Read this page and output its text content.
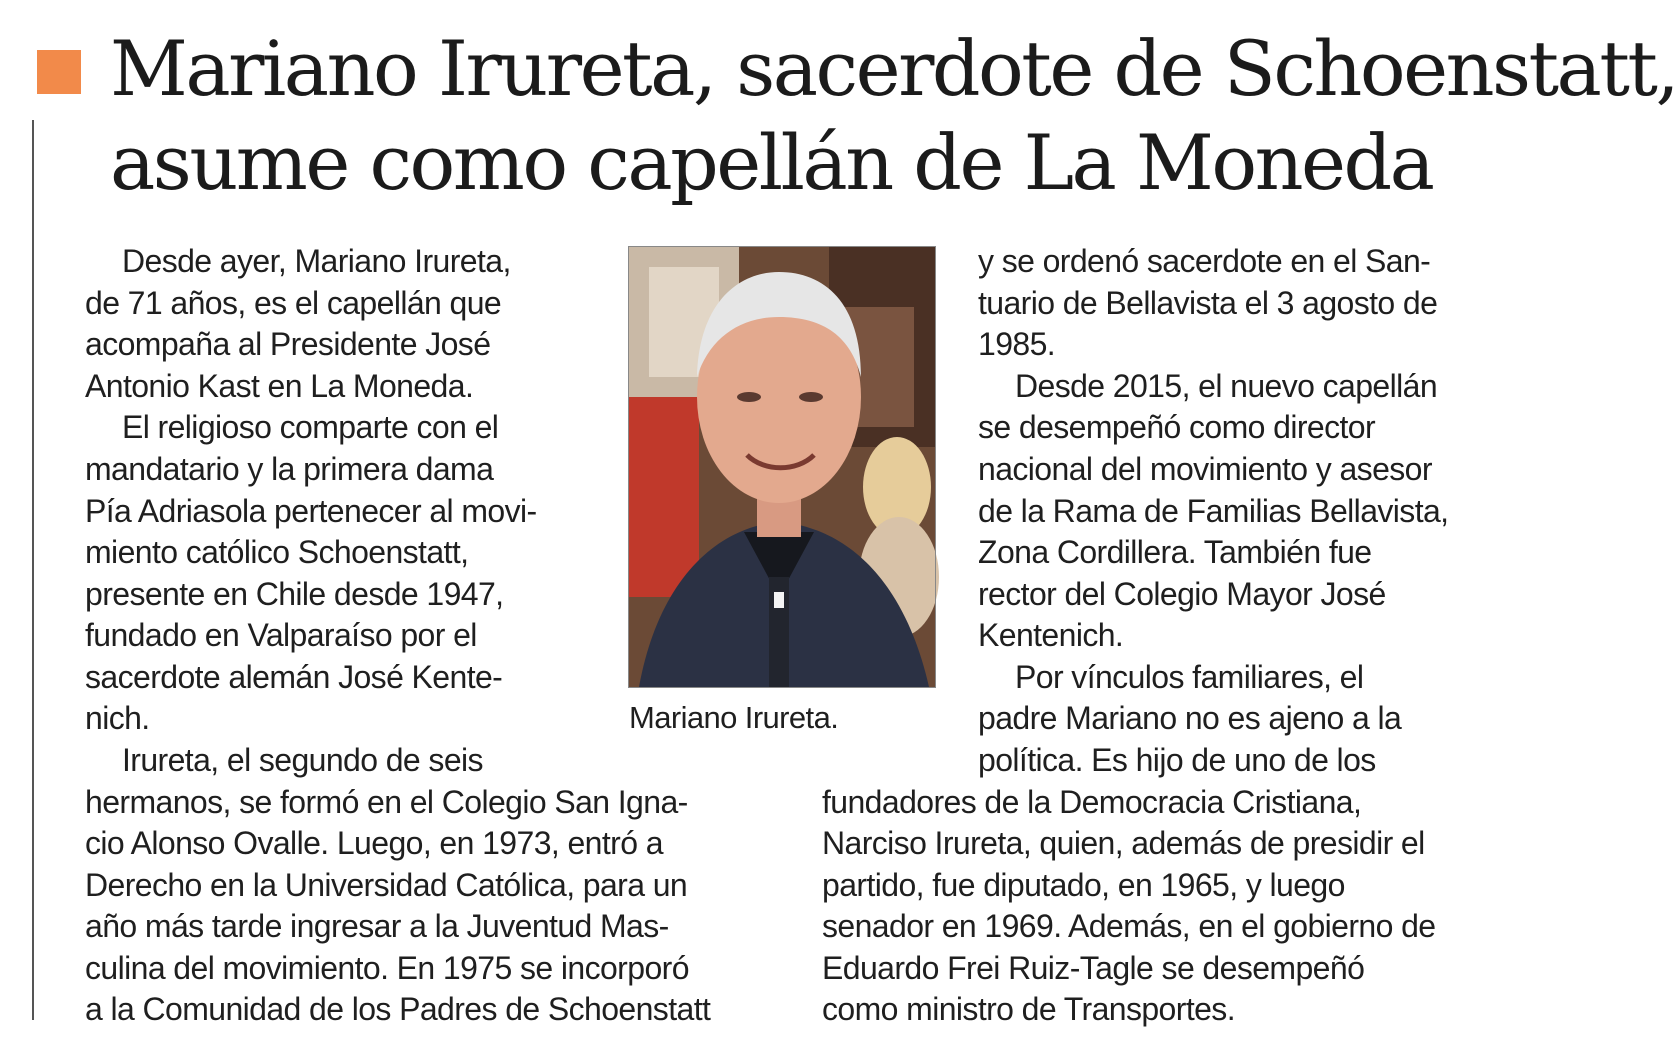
Mariano Irureta, sacerdote de Schoenstatt,
asume como capellán de La Moneda
Desde ayer, Mariano Irureta,
de 71 años, es el capellán que
acompaña al Presidente José
Antonio Kast en La Moneda.
El religioso comparte con el
mandatario y la primera dama
Pía Adriasola pertenecer al movi-
miento católico Schoenstatt,
presente en Chile desde 1947,
fundado en Valparaíso por el
sacerdote alemán José Kente-
nich.
Irureta, el segundo de seis
hermanos, se formó en el Colegio San Igna-
cio Alonso Ovalle. Luego, en 1973, entró a
Derecho en la Universidad Católica, para un
año más tarde ingresar a la Juventud Mas-
culina del movimiento. En 1975 se incorporó
a la Comunidad de los Padres de Schoenstatt
Mariano Irureta.
y se ordenó sacerdote en el San-
tuario de Bellavista el 3 agosto de
1985.
Desde 2015, el nuevo capellán
se desempeñó como director
nacional del movimiento y asesor
de la Rama de Familias Bellavista,
Zona Cordillera. También fue
rector del Colegio Mayor José
Kentenich.
Por vínculos familiares, el
padre Mariano no es ajeno a la
política. Es hijo de uno de los
fundadores de la Democracia Cristiana,
Narciso Irureta, quien, además de presidir el
partido, fue diputado, en 1965, y luego
senador en 1969. Además, en el gobierno de
Eduardo Frei Ruiz-Tagle se desempeñó
como ministro de Transportes.
